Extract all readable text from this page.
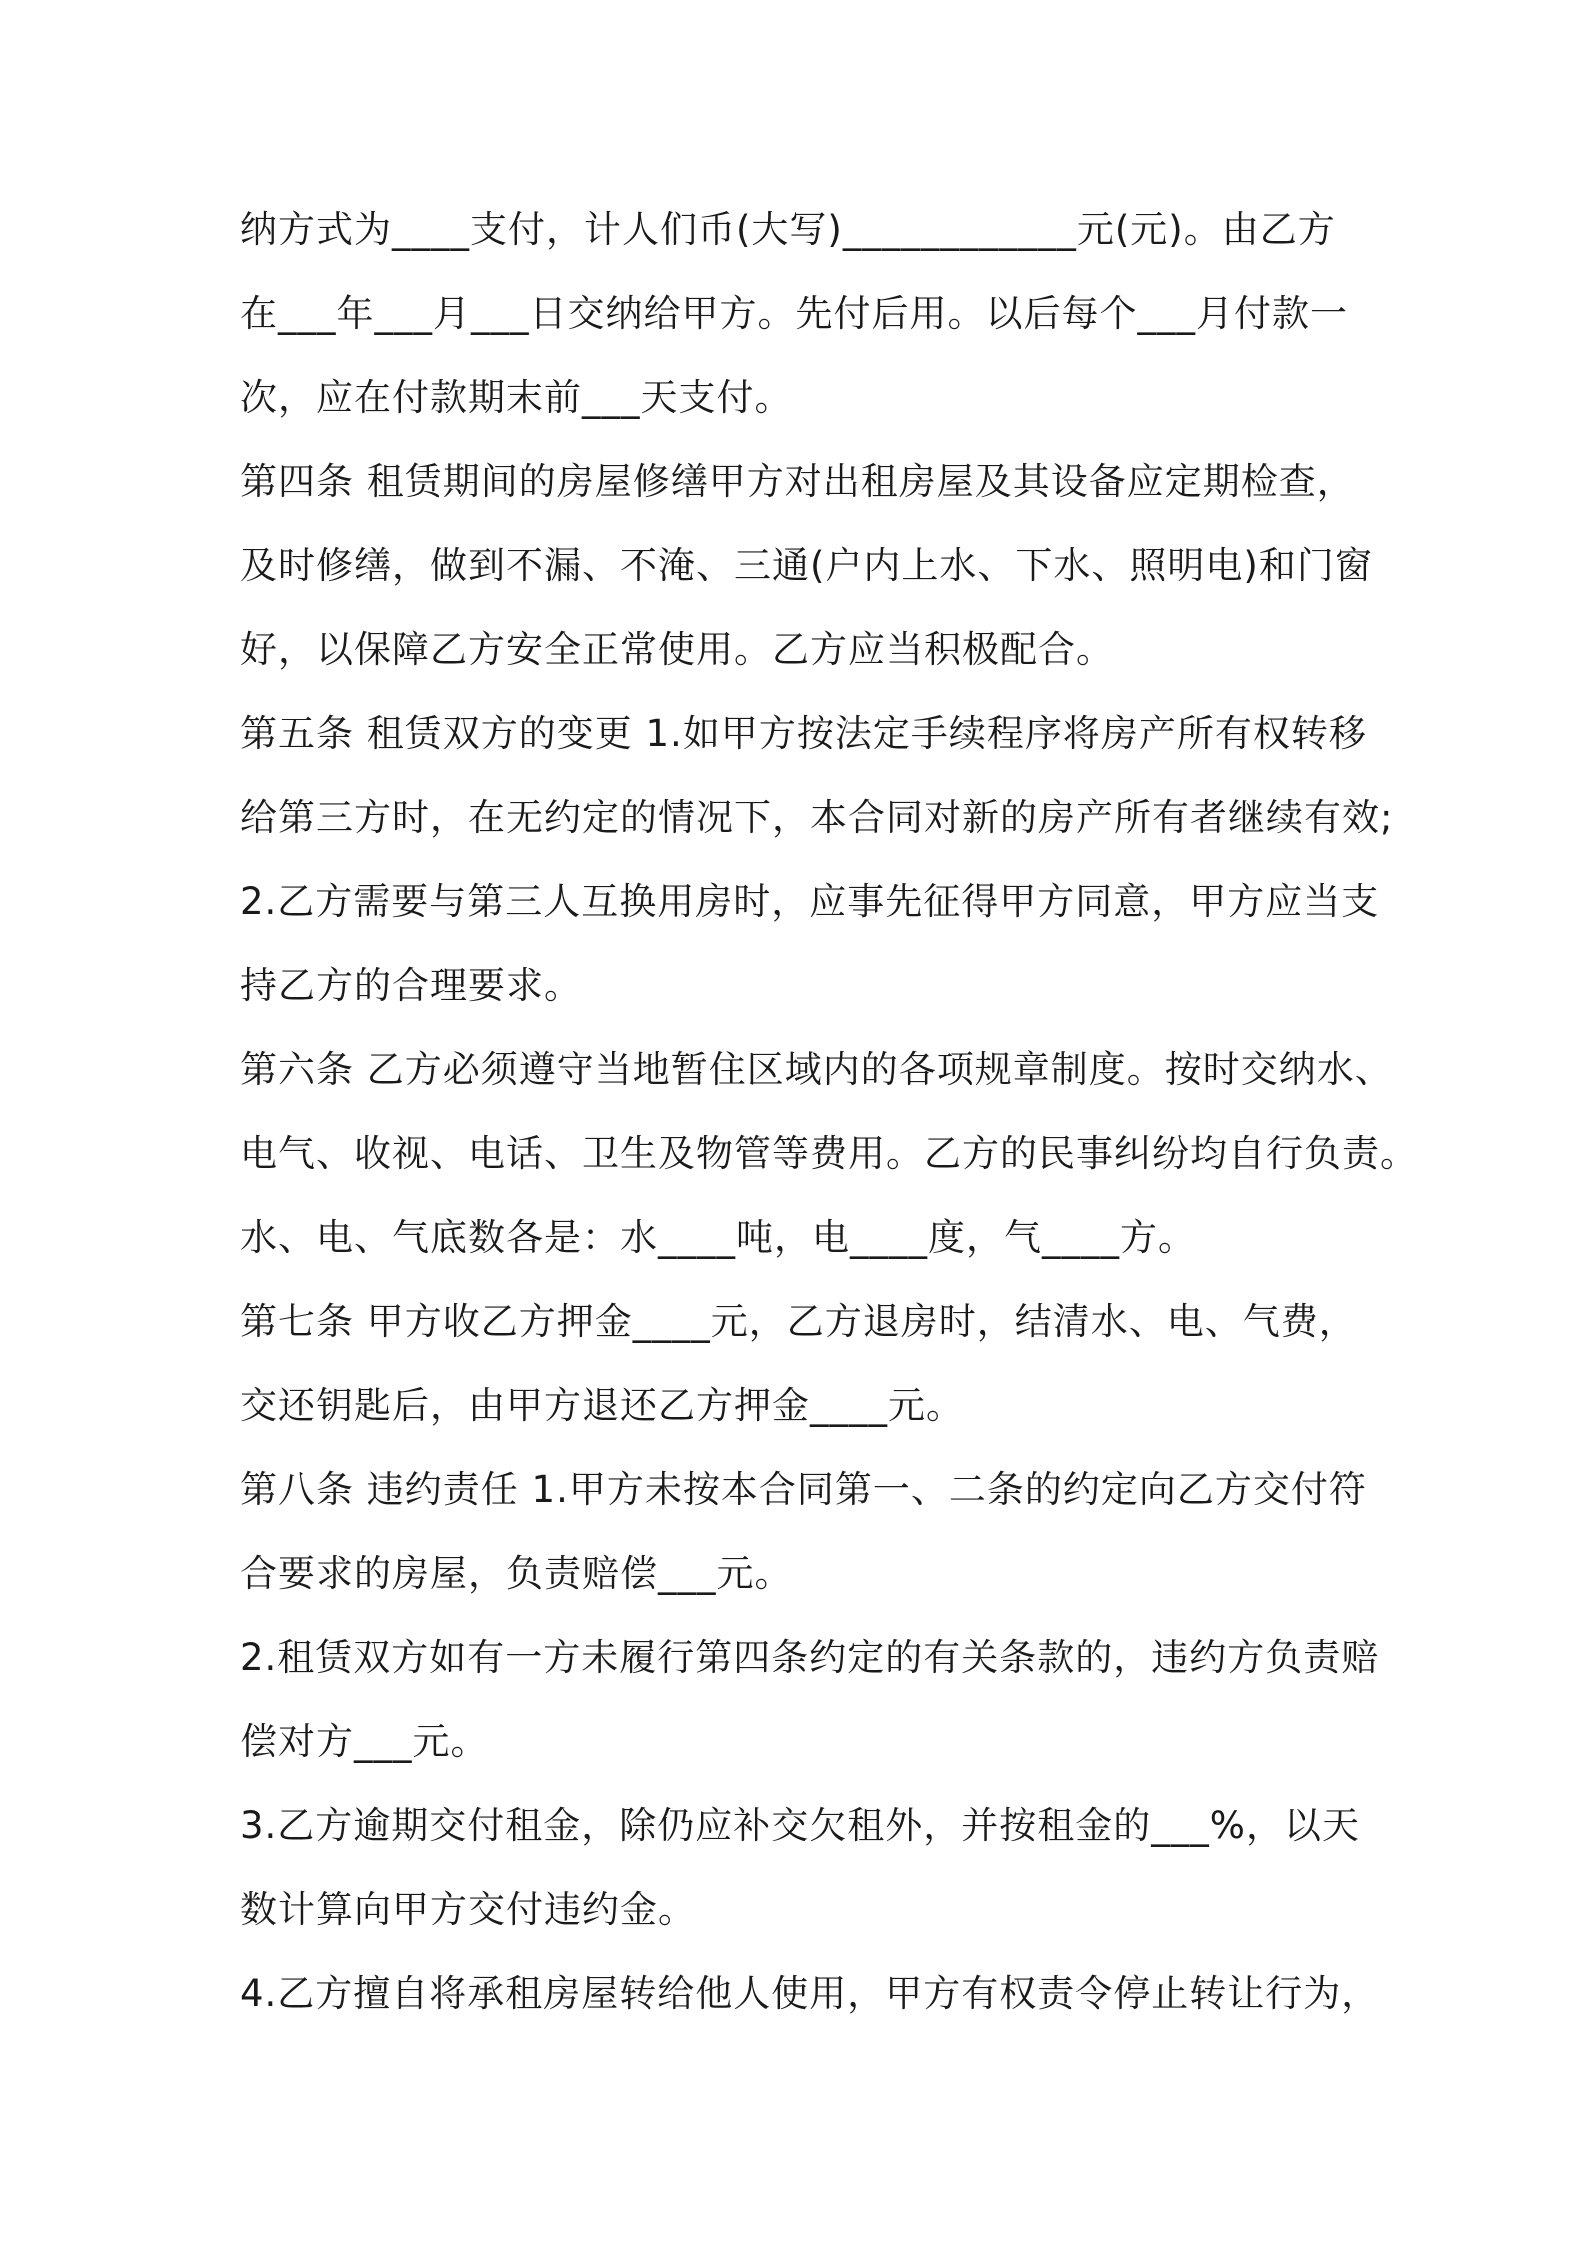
纳方式为____支付，计人们币(大写)____________元(元)。由乙方
在___年___月___日交纳给甲方。先付后用。以后每个___月付款一
次，应在付款期末前___天支付。
第四条 租赁期间的房屋修缮甲方对出租房屋及其设备应定期检查，
及时修缮，做到不漏、不淹、三通(户内上水、下水、照明电)和门窗
好，以保障乙方安全正常使用。乙方应当积极配合。
第五条 租赁双方的变更 1.如甲方按法定手续程序将房产所有权转移
给第三方时，在无约定的情况下，本合同对新的房产所有者继续有效;
2.乙方需要与第三人互换用房时，应事先征得甲方同意，甲方应当支
持乙方的合理要求。
第六条 乙方必须遵守当地暂住区域内的各项规章制度。按时交纳水、
电气、收视、电话、卫生及物管等费用。乙方的民事纠纷均自行负责。
水、电、气底数各是：水____吨，电____度，气____方。
第七条 甲方收乙方押金____元，乙方退房时，结清水、电、气费，
交还钥匙后，由甲方退还乙方押金____元。
第八条 违约责任 1.甲方未按本合同第一、二条的约定向乙方交付符
合要求的房屋，负责赔偿___元。
2.租赁双方如有一方未履行第四条约定的有关条款的，违约方负责赔
偿对方___元。
3.乙方逾期交付租金，除仍应补交欠租外，并按租金的___%，以天
数计算向甲方交付违约金。
4.乙方擅自将承租房屋转给他人使用，甲方有权责令停止转让行为，
